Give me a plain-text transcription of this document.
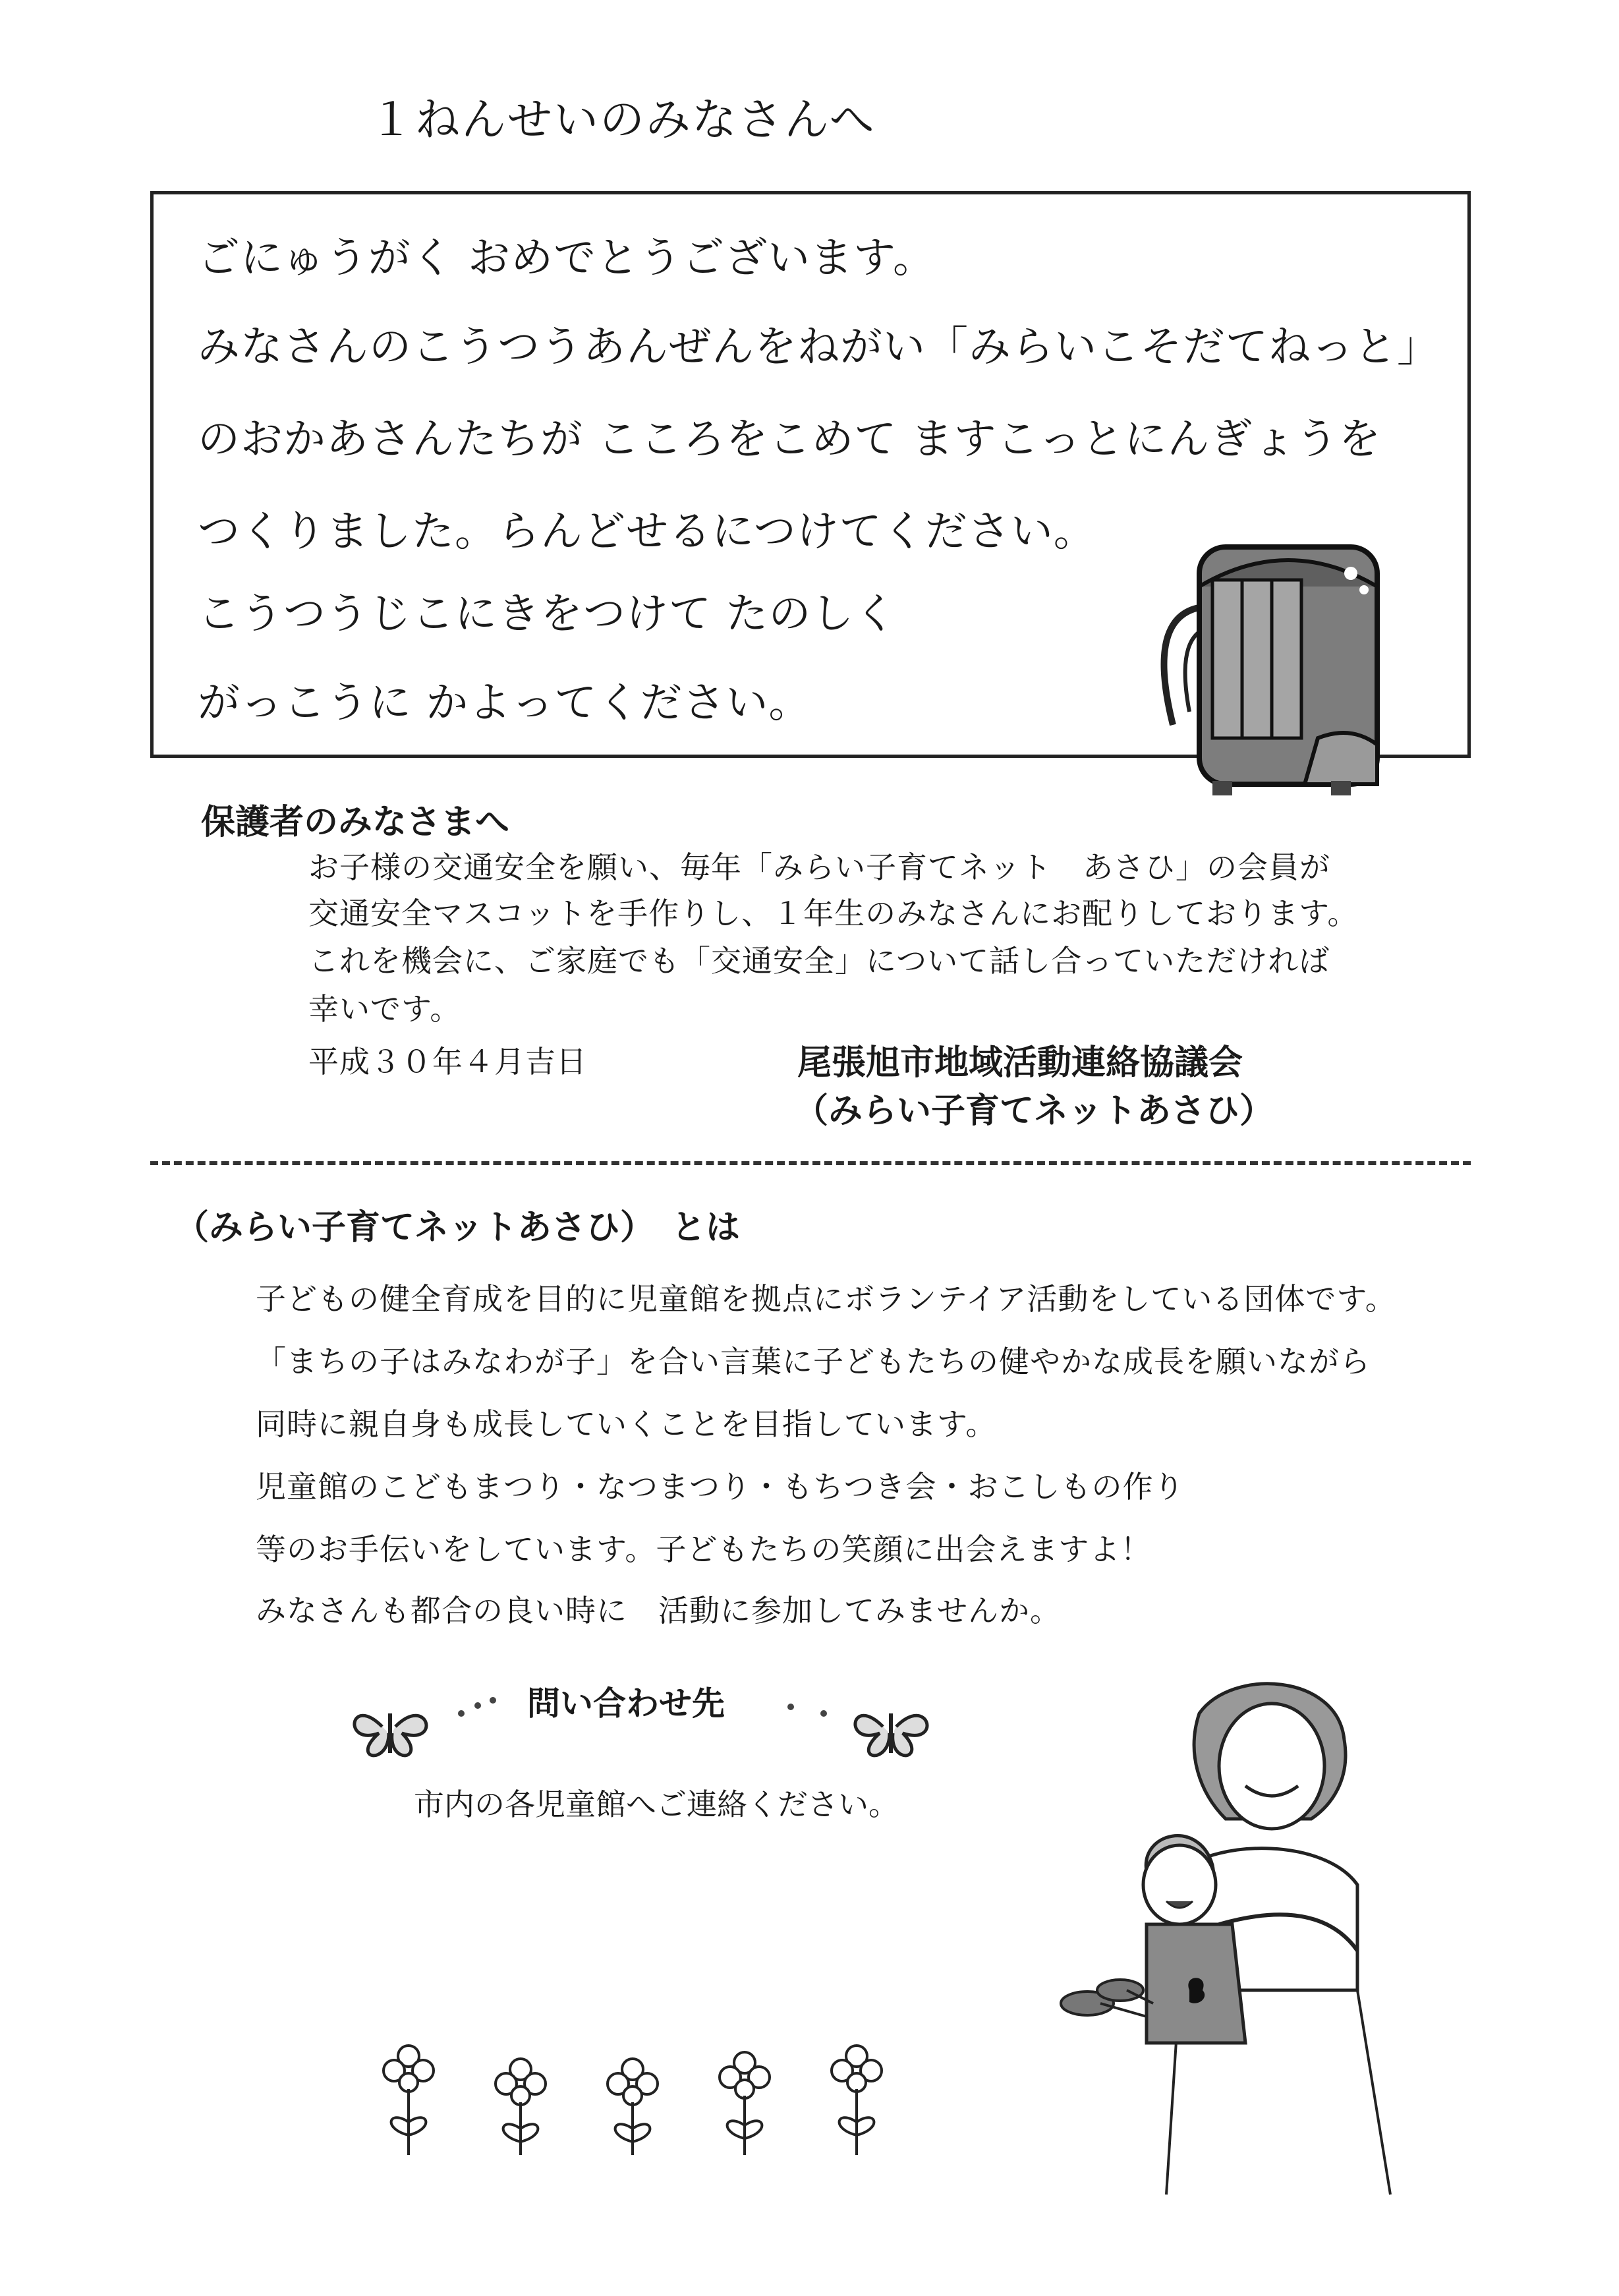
１ねんせいのみなさんへ
ごにゅうがく おめでとうございます。
みなさんのこうつうあんぜんをねがい「みらいこそだてねっと」
のおかあさんたちが こころをこめて ますこっとにんぎょうを
つくりました。らんどせるにつけてください。
こうつうじこにきをつけて たのしく
がっこうに かよってください。
保護者のみなさまへ
お子様の交通安全を願い、毎年「みらい子育てネット　あさひ」の会員が
交通安全マスコットを手作りし、１年生のみなさんにお配りしております。
これを機会に、ご家庭でも「交通安全」について話し合っていただければ
幸いです。
平成３０年４月吉日	尾張旭市地域活動連絡協議会
（みらい子育てネットあさひ）
（みらい子育てネットあさひ）　とは
子どもの健全育成を目的に児童館を拠点にボランテイア活動をしている団体です。
「まちの子はみなわが子」を合い言葉に子どもたちの健やかな成長を願いながら
同時に親自身も成長していくことを目指しています。
児童館のこどもまつり・なつまつり・もちつき会・おこしもの作り
等のお手伝いをしています。子どもたちの笑顔に出会えますよ！
みなさんも都合の良い時に　活動に参加してみませんか。
問い合わせ先
市内の各児童館へご連絡ください。
